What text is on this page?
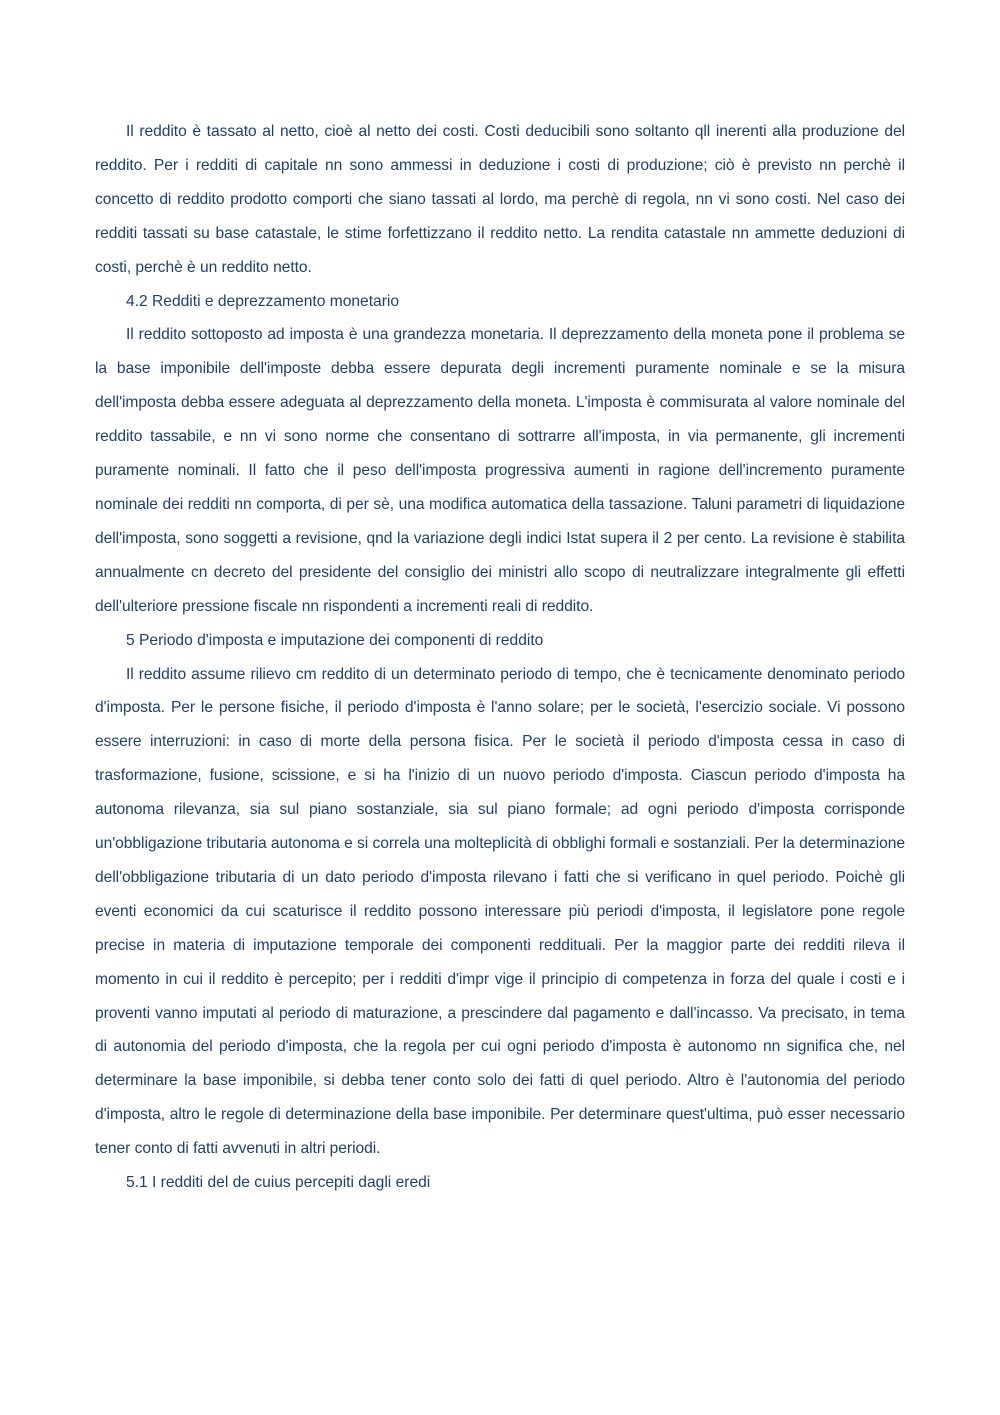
Il reddito è tassato al netto, cioè al netto dei costi. Costi deducibili sono soltanto qll inerenti alla produzione del reddito. Per i redditi di capitale nn sono ammessi in deduzione i costi di produzione; ciò è previsto nn perchè il concetto di reddito prodotto comporti che siano tassati al lordo, ma perchè di regola, nn vi sono costi. Nel caso dei redditi tassati su base catastale, le stime forfettizzano il reddito netto. La rendita catastale nn ammette deduzioni di costi, perchè è un reddito netto.

4.2 Redditi e deprezzamento monetario

Il reddito sottoposto ad imposta è una grandezza monetaria. Il deprezzamento della moneta pone il problema se la base imponibile dell'imposte debba essere depurata degli incrementi puramente nominale e se la misura dell'imposta debba essere adeguata al deprezzamento della moneta. L'imposta è commisurata al valore nominale del reddito tassabile, e nn vi sono norme che consentano di sottrarre all'imposta, in via permanente, gli incrementi puramente nominali. Il fatto che il peso dell'imposta progressiva aumenti in ragione dell'incremento puramente nominale dei redditi nn comporta, di per sè, una modifica automatica della tassazione. Taluni parametri di liquidazione dell'imposta, sono soggetti a revisione, qnd la variazione degli indici Istat supera il 2 per cento. La revisione è stabilita annualmente cn decreto del presidente del consiglio dei ministri allo scopo di neutralizzare integralmente gli effetti dell'ulteriore pressione fiscale nn rispondenti a incrementi reali di reddito.

5 Periodo d'imposta e imputazione dei componenti di reddito

Il reddito assume rilievo cm reddito di un determinato periodo di tempo, che è tecnicamente denominato periodo d'imposta. Per le persone fisiche, il periodo d'imposta è l'anno solare; per le società, l'esercizio sociale. Vi possono essere interruzioni: in caso di morte della persona fisica. Per le società il periodo d'imposta cessa in caso di trasformazione, fusione, scissione, e si ha l'inizio di un nuovo periodo d'imposta. Ciascun periodo d'imposta ha autonoma rilevanza, sia sul piano sostanziale, sia sul piano formale; ad ogni periodo d'imposta corrisponde un'obbligazione tributaria autonoma e si correla una molteplicità di obblighi formali e sostanziali. Per la determinazione dell'obbligazione tributaria di un dato periodo d'imposta rilevano i fatti che si verificano in quel periodo. Poichè gli eventi economici da cui scaturisce il reddito possono interessare più periodi d'imposta, il legislatore pone regole precise in materia di imputazione temporale dei componenti reddituali. Per la maggior parte dei redditi rileva il momento in cui il reddito è percepito; per i redditi d'impr vige il principio di competenza in forza del quale i costi e i proventi vanno imputati al periodo di maturazione, a prescindere dal pagamento e dall'incasso. Va precisato, in tema di autonomia del periodo d'imposta, che la regola per cui ogni periodo d'imposta è autonomo nn significa che, nel determinare la base imponibile, si debba tener conto solo dei fatti di quel periodo. Altro è l'autonomia del periodo d'imposta, altro le regole di determinazione della base imponibile. Per determinare quest'ultima, può esser necessario tener conto di fatti avvenuti in altri periodi.

5.1 I redditi del de cuius percepiti dagli eredi
